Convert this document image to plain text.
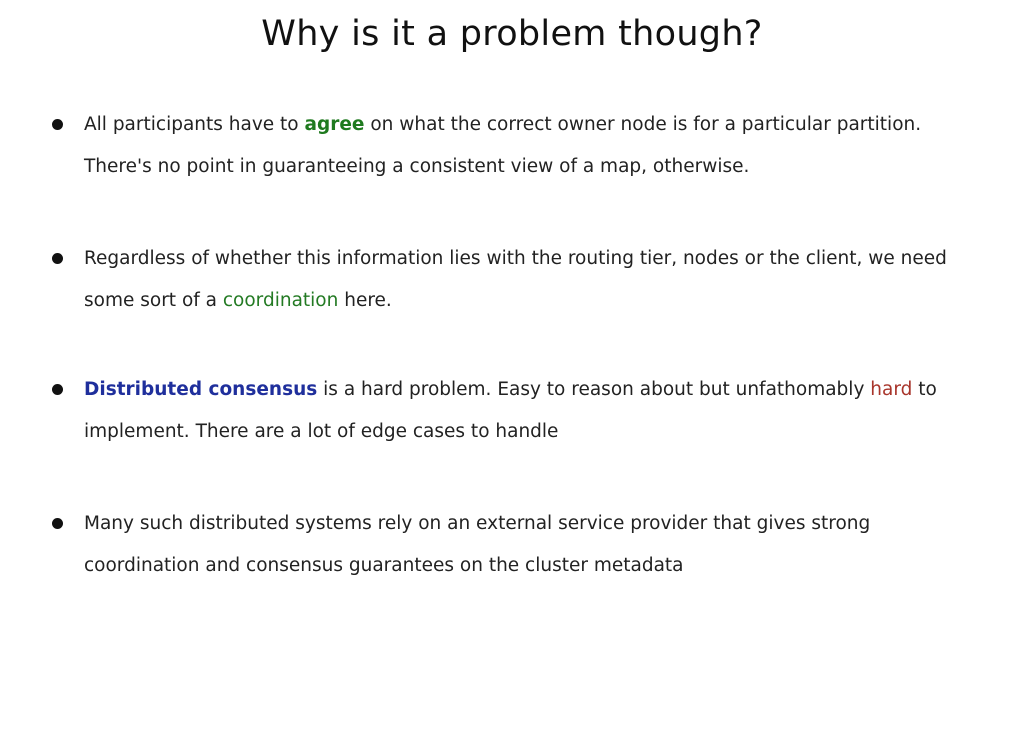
Why is it a problem though?
All participants have to agree on what the correct owner node is for a particular partition. There's no point in guaranteeing a consistent view of a map, otherwise.
Regardless of whether this information lies with the routing tier, nodes or the client, we need some sort of a coordination here.
Distributed consensus is a hard problem. Easy to reason about but unfathomably hard to implement. There are a lot of edge cases to handle
Many such distributed systems rely on an external service provider that gives strong coordination and consensus guarantees on the cluster metadata
